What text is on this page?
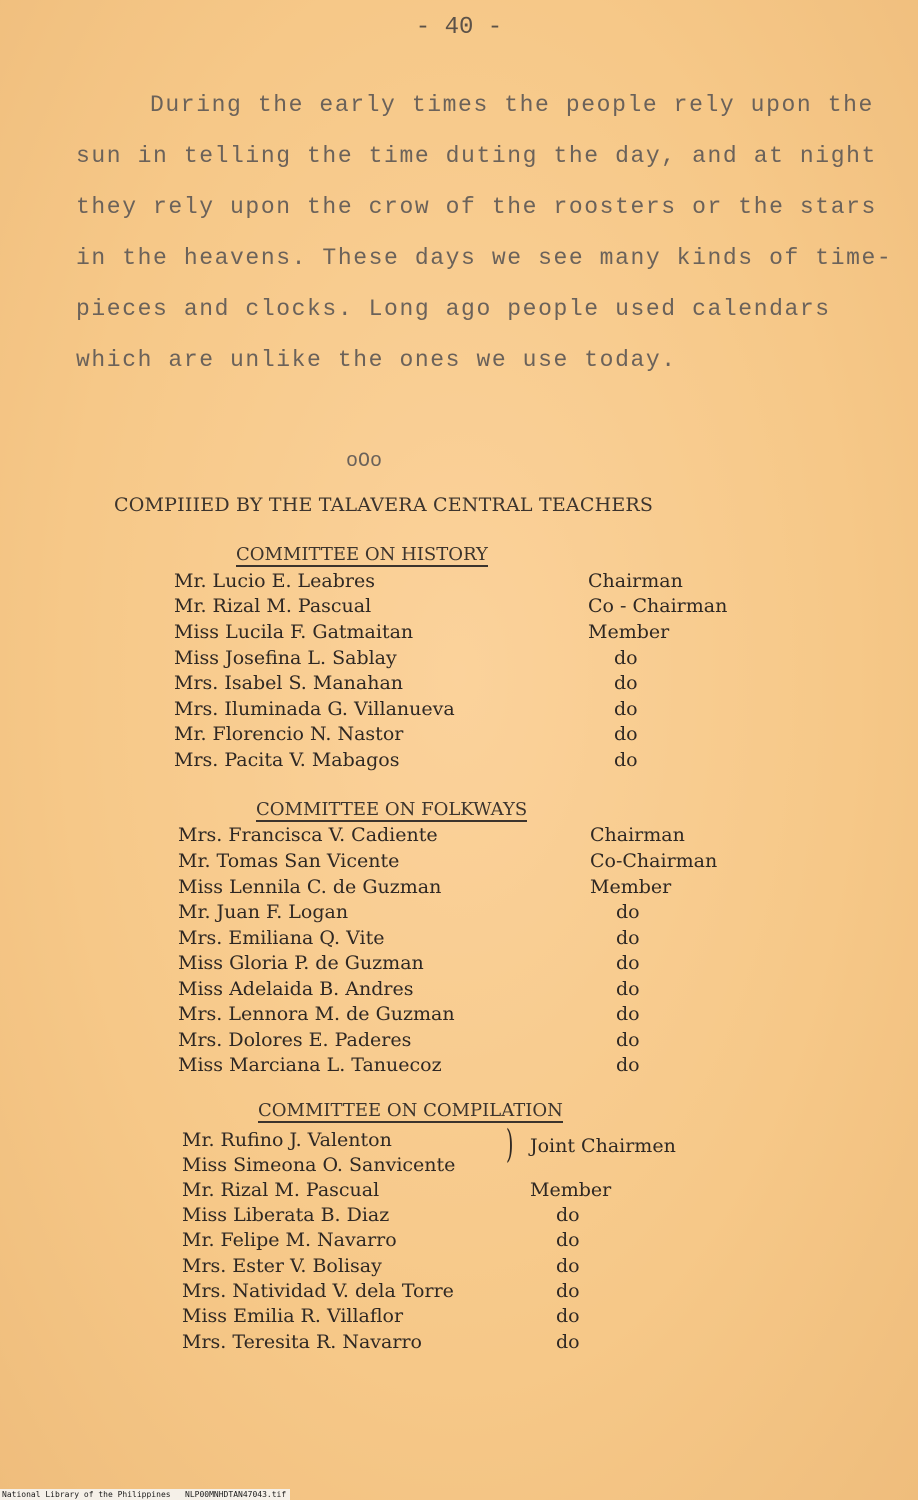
- 40 -
During the early times the people rely upon the
sun in telling the time duting the day, and at night
they rely upon the crow of the roosters or the stars
in the heavens. These days we see many kinds of time-
pieces and clocks. Long ago people used calendars
which are unlike the ones we use today.
oOo
COMPIIIED BY THE TALAVERA CENTRAL TEACHERS
COMMITTEE ON HISTORY
Mr. Lucio E. Leabres	Chairman
Mr. Rizal M. Pascual	Co - Chairman
Miss Lucila F. Gatmaitan	Member
Miss Josefina L. Sablay	do
Mrs. Isabel S. Manahan	do
Mrs. Iluminada G. Villanueva	do
Mr. Florencio N. Nastor	do
Mrs. Pacita V. Mabagos	do
COMMITTEE ON FOLKWAYS
Mrs. Francisca V. Cadiente	Chairman
Mr. Tomas San Vicente	Co-Chairman
Miss Lennila C. de Guzman	Member
Mr. Juan F. Logan	do
Mrs. Emiliana Q. Vite	do
Miss Gloria P. de Guzman	do
Miss Adelaida B. Andres	do
Mrs. Lennora M. de Guzman	do
Mrs. Dolores E. Paderes	do
Miss Marciana L. Tanuecoz	do
COMMITTEE ON COMPILATION
Mr. Rufino J. Valenton
Miss Simeona O. Sanvicente ) Joint Chairmen
Mr. Rizal M. Pascual	Member
Miss Liberata B. Diaz	do
Mr. Felipe M. Navarro	do
Mrs. Ester V. Bolisay	do
Mrs. Natividad V. dela Torre	do
Miss Emilia R. Villaflor	do
Mrs. Teresita R. Navarro	do
National Library of the Philippines   NLP00MNHDTAN47043.tif
